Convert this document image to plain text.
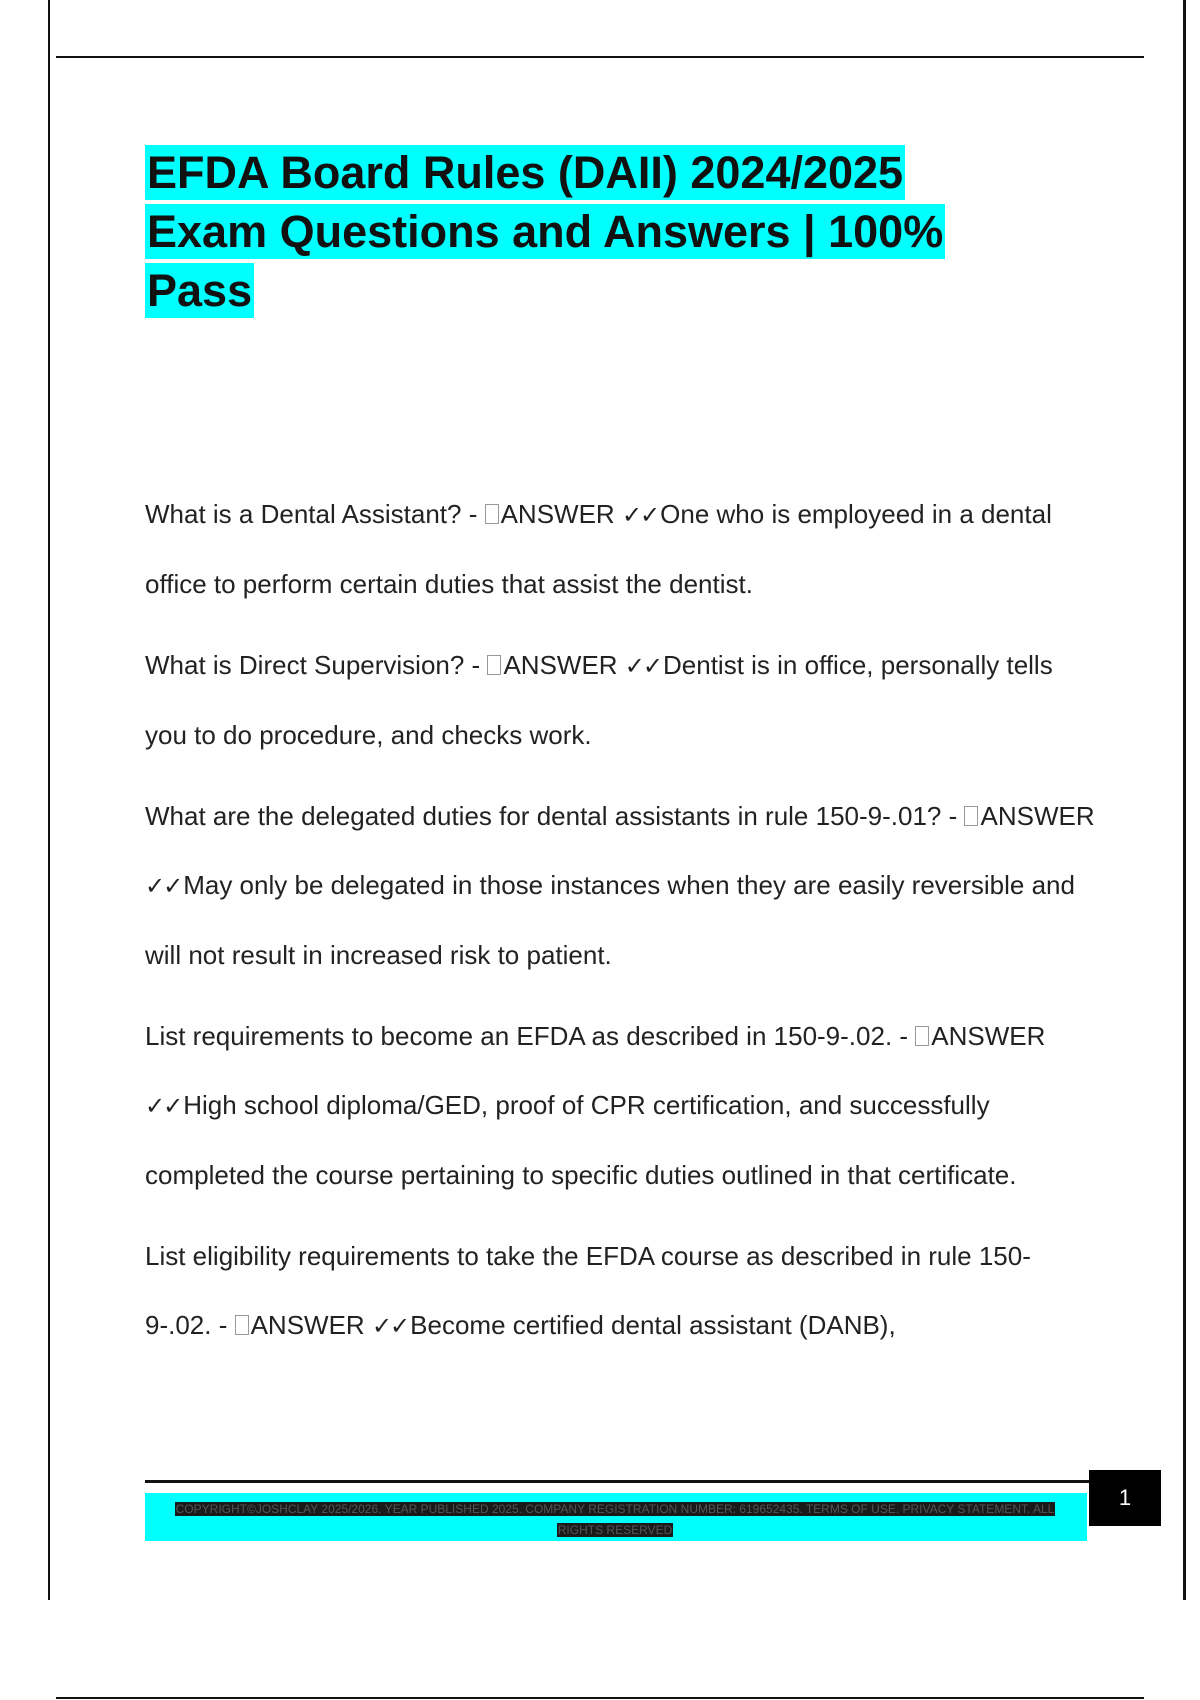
EFDA Board Rules (DAII) 2024/2025
Exam Questions and Answers | 100%
Pass

What is a Dental Assistant? - ANSWER ✓✓One who is employeed in a dental office to perform certain duties that assist the dentist.

What is Direct Supervision? - ANSWER ✓✓Dentist is in office, personally tells you to do procedure, and checks work.

What are the delegated duties for dental assistants in rule 150-9-.01? - ANSWER ✓✓May only be delegated in those instances when they are easily reversible and will not result in increased risk to patient.

List requirements to become an EFDA as described in 150-9-.02. - ANSWER ✓✓High school diploma/GED, proof of CPR certification, and successfully completed the course pertaining to specific duties outlined in that certificate.

List eligibility requirements to take the EFDA course as described in rule 150-9-.02. - ANSWER ✓✓Become certified dental assistant (DANB),

COPYRIGHT©JOSHCLAY 2025/2026. YEAR PUBLISHED 2025. COMPANY REGISTRATION NUMBER: 619652435. TERMS OF USE. PRIVACY STATEMENT. ALL RIGHTS RESERVED
1
